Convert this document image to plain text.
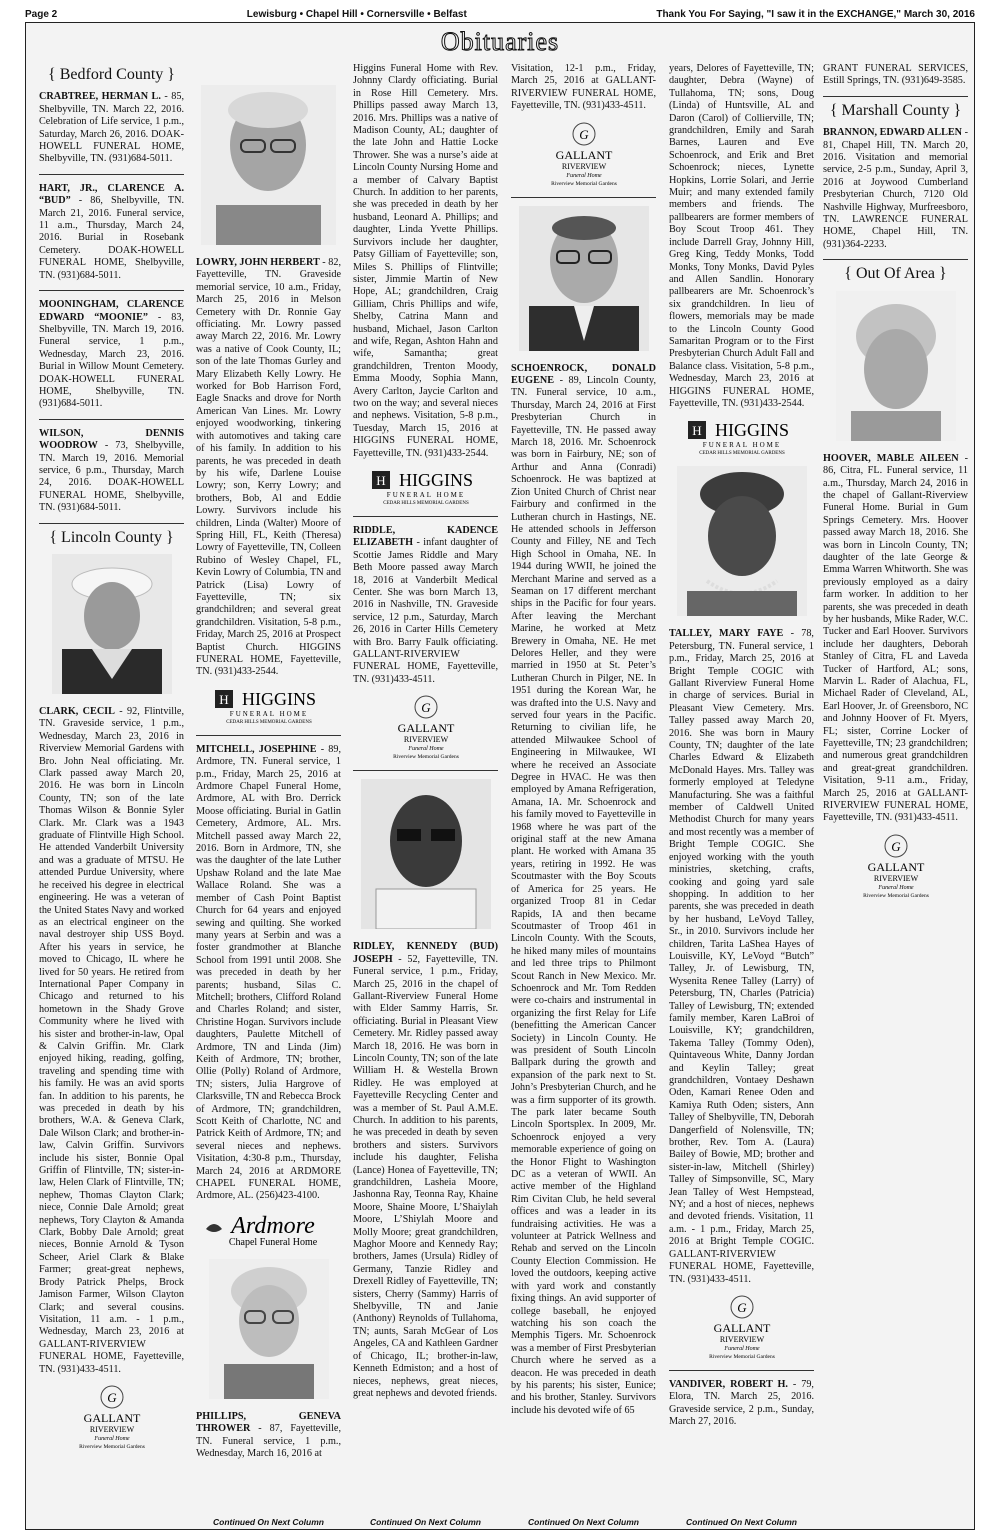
Page 2	Lewisburg • Chapel Hill • Cornersville • Belfast	Thank You For Saying, "I saw it in the EXCHANGE," March 30, 2016
Obituaries
{ Bedford County }

CRABTREE, HERMAN L. - 85, Shelbyville, TN. March 22, 2016. Celebration of Life service, 1 p.m., Saturday, March 26, 2016. DOAK-HOWELL FUNERAL HOME, Shelbyville, TN. (931)684-5011.

HART, JR., CLARENCE A. “BUD” - 86, Shelbyville, TN. March 21, 2016. Funeral service, 11 a.m., Thursday, March 24, 2016. Burial in Rosebank Cemetery. DOAK-HOWELL FUNERAL HOME, Shelbyville, TN. (931)684-5011.

MOONINGHAM, CLARENCE EDWARD “MOONIE” - 83, Shelbyville, TN. March 19, 2016. Funeral service, 1 p.m., Wednesday, March 23, 2016. Burial in Willow Mount Cemetery. DOAK-HOWELL FUNERAL HOME, Shelbyville, TN. (931)684-5011.

WILSON, DENNIS WOODROW - 73, Shelbyville, TN. March 19, 2016. Memorial service, 6 p.m., Thursday, March 24, 2016. DOAK-HOWELL FUNERAL HOME, Shelbyville, TN. (931)684-5011.

{ Lincoln County }

CLARK, CECIL - 92, Flintville, TN. Graveside service, 1 p.m., Wednesday, March 23, 2016 in Riverview Memorial Gardens with Bro. John Neal officiating. Mr. Clark passed away March 20, 2016. He was born in Lincoln County, TN; son of the late Thomas Wilson & Bonnie Syler Clark. Mr. Clark was a 1943 graduate of Flintville High School. He attended Vanderbilt University and was a graduate of MTSU. He attended Purdue University, where he received his degree in electrical engineering. He was a veteran of the United States Navy and worked as an electrical engineer on the naval destroyer ship USS Boyd. After his years in service, he moved to Chicago, IL where he lived for 50 years. He retired from International Paper Company in Chicago and returned to his hometown in the Shady Grove Community where he lived with his sister and brother-in-law, Opal & Calvin Griffin. Mr. Clark enjoyed hiking, reading, golfing, traveling and spending time with his family. He was an avid sports fan. In addition to his parents, he was preceded in death by his brothers, W.A. & Geneva Clark, Dale Wilson Clark; and brother-in-law, Calvin Griffin. Survivors include his sister, Bonnie Opal Griffin of Flintville, TN; sister-in-law, Helen Clark of Flintville, TN; nephew, Thomas Clayton Clark; niece, Connie Dale Arnold; great nephews, Tory Clayton & Amanda Clark, Bobby Dale Arnold; great nieces, Bonnie Arnold & Tyson Scheer, Ariel Clark & Blake Farmer; great-great nephews, Brody Patrick Phelps, Brock Jamison Farmer, Wilson Clayton Clark; and several cousins. Visitation, 11 a.m. - 1 p.m., Wednesday, March 23, 2016 at GALLANT-RIVERVIEW FUNERAL HOME, Fayetteville, TN. (931)433-4511.

G
GALLANT
RIVERVIEW
Funeral Home
Riverview Memorial Gardens

LOWRY, JOHN HERBERT - 82, Fayetteville, TN. Graveside memorial service, 10 a.m., Friday, March 25, 2016 in Melson Cemetery with Dr. Ronnie Gay officiating. Mr. Lowry passed away March 22, 2016. Mr. Lowry was a native of Cook County, IL; son of the late Thomas Gurley and Mary Elizabeth Kelly Lowry. He worked for Bob Harrison Ford, Eagle Snacks and drove for North American Van Lines. Mr. Lowry enjoyed woodworking, tinkering with automotives and taking care of his family. In addition to his parents, he was preceded in death by his wife, Darlene Louise Lowry; son, Kerry Lowry; and brothers, Bob, Al and Eddie Lowry. Survivors include his children, Linda (Walter) Moore of Spring Hill, FL, Keith (Theresa) Lowry of Fayetteville, TN, Colleen Rubino of Wesley Chapel, FL, Kevin Lowry of Columbia, TN and Patrick (Lisa) Lowry of Fayetteville, TN; six grandchildren; and several great grandchildren. Visitation, 5-8 p.m., Friday, March 25, 2016 at Prospect Baptist Church. HIGGINS FUNERAL HOME, Fayetteville, TN. (931)433-2544.

H HIGGINS
FUNERAL HOME
CEDAR HILLS MEMORIAL GARDENS

MITCHELL, JOSEPHINE - 89, Ardmore, TN. Funeral service, 1 p.m., Friday, March 25, 2016 at Ardmore Chapel Funeral Home, Ardmore, AL with Bro. Derrick Moose officiating. Burial in Gatlin Cemetery, Ardmore, AL. Mrs. Mitchell passed away March 22, 2016. Born in Ardmore, TN, she was the daughter of the late Luther Upshaw Roland and the late Mae Wallace Roland. She was a member of Cash Point Baptist Church for 64 years and enjoyed sewing and quilting. She worked many years at Serbin and was a foster grandmother at Blanche School from 1991 until 2008. She was preceded in death by her parents; husband, Silas C. Mitchell; brothers, Clifford Roland and Charles Roland; and sister, Christine Hogan. Survivors include daughters, Paulette Mitchell of Ardmore, TN and Linda (Jim) Keith of Ardmore, TN; brother, Ollie (Polly) Roland of Ardmore, TN; sisters, Julia Hargrove of Clarksville, TN and Rebecca Brock of Ardmore, TN; grandchildren, Scott Keith of Charlotte, NC and Patrick Keith of Ardmore, TN; and several nieces and nephews. Visitation, 4:30-8 p.m., Thursday, March 24, 2016 at ARDMORE CHAPEL FUNERAL HOME, Ardmore, AL. (256)423-4100.

Ardmore
Chapel Funeral Home

PHILLIPS, GENEVA THROWER - 87, Fayetteville, TN. Funeral service, 1 p.m., Wednesday, March 16, 2016 at

Higgins Funeral Home with Rev. Johnny Clardy officiating. Burial in Rose Hill Cemetery. Mrs. Phillips passed away March 13, 2016. Mrs. Phillips was a native of Madison County, AL; daughter of the late John and Hattie Locke Thrower. She was a nurse’s aide at Lincoln County Nursing Home and a member of Calvary Baptist Church. In addition to her parents, she was preceded in death by her husband, Leonard A. Phillips; and daughter, Linda Yvette Phillips. Survivors include her daughter, Patsy Gilliam of Fayetteville; son, Miles S. Phillips of Flintville; sister, Jimmie Martin of New Hope, AL; grandchildren, Craig Gilliam, Chris Phillips and wife, Shelby, Catrina Mann and husband, Michael, Jason Carlton and wife, Regan, Ashton Hahn and wife, Samantha; great grandchildren, Trenton Moody, Emma Moody, Sophia Mann, Avery Carlton, Jaycie Carlton and two on the way; and several nieces and nephews. Visitation, 5-8 p.m., Tuesday, March 15, 2016 at HIGGINS FUNERAL HOME, Fayetteville, TN. (931)433-2544.

H HIGGINS
FUNERAL HOME
CEDAR HILLS MEMORIAL GARDENS

RIDDLE, KADENCE ELIZABETH - infant daughter of Scottie James Riddle and Mary Beth Moore passed away March 18, 2016 at Vanderbilt Medical Center. She was born March 13, 2016 in Nashville, TN. Graveside service, 12 p.m., Saturday, March 26, 2016 in Carter Hills Cemetery with Bro. Barry Faulk officiating. GALLANT-RIVERVIEW FUNERAL HOME, Fayetteville, TN. (931)433-4511.

G
GALLANT
RIVERVIEW
Funeral Home
Riverview Memorial Gardens

RIDLEY, KENNEDY (BUD) JOSEPH - 52, Fayetteville, TN. Funeral service, 1 p.m., Friday, March 25, 2016 in the chapel of Gallant-Riverview Funeral Home with Elder Sammy Harris, Sr. officiating. Burial in Pleasant View Cemetery. Mr. Ridley passed away March 18, 2016. He was born in Lincoln County, TN; son of the late William H. & Westella Brown Ridley. He was employed at Fayetteville Recycling Center and was a member of St. Paul A.M.E. Church. In addition to his parents, he was preceded in death by seven brothers and sisters. Survivors include his daughter, Felisha (Lance) Honea of Fayetteville, TN; grandchildren, Lasheia Moore, Jashonna Ray, Teonna Ray, Khaine Moore, Shaine Moore, L’Shaiylah Moore, L’Shiylah Moore and Molly Moore; great grandchildren, Maghor Moore and Kennedy Ray; brothers, James (Ursula) Ridley of Germany, Tanzie Ridley and Drexell Ridley of Fayetteville, TN; sisters, Cherry (Sammy) Harris of Shelbyville, TN and Janie (Anthony) Reynolds of Tullahoma, TN; aunts, Sarah McGear of Los Angeles, CA and Kathleen Gardner of Chicago, IL; brother-in-law, Kenneth Edmiston; and a host of nieces, nephews, great nieces, great nephews and devoted friends.

Visitation, 12-1 p.m., Friday, March 25, 2016 at GALLANT-RIVERVIEW FUNERAL HOME, Fayetteville, TN. (931)433-4511.

G
GALLANT
RIVERVIEW
Funeral Home
Riverview Memorial Gardens

SCHOENROCK, DONALD EUGENE - 89, Lincoln County, TN. Funeral service, 10 a.m., Thursday, March 24, 2016 at First Presbyterian Church in Fayetteville, TN. He passed away March 18, 2016. Mr. Schoenrock was born in Fairbury, NE; son of Arthur and Anna (Conradi) Schoenrock. He was baptized at Zion United Church of Christ near Fairbury and confirmed in the Lutheran church in Hastings, NE. He attended schools in Jefferson County and Filley, NE and Tech High School in Omaha, NE. In 1944 during WWII, he joined the Merchant Marine and served as a Seaman on 17 different merchant ships in the Pacific for four years. After leaving the Merchant Marine, he worked at Metz Brewery in Omaha, NE. He met Delores Heller, and they were married in 1950 at St. Peter’s Lutheran Church in Pilger, NE. In 1951 during the Korean War, he was drafted into the U.S. Navy and served four years in the Pacific. Returning to civilian life, he attended Milwaukee School of Engineering in Milwaukee, WI where he received an Associate Degree in HVAC. He was then employed by Amana Refrigeration, Amana, IA. Mr. Schoenrock and his family moved to Fayetteville in 1968 where he was part of the original staff at the new Amana plant. He worked with Amana 35 years, retiring in 1992. He was Scoutmaster with the Boy Scouts of America for 25 years. He organized Troop 81 in Cedar Rapids, IA and then became Scoutmaster of Troop 461 in Lincoln County. With the Scouts, he hiked many miles of mountains and led three trips to Philmont Scout Ranch in New Mexico. Mr. Schoenrock and Mr. Tom Redden were co-chairs and instrumental in organizing the first Relay for Life (benefitting the American Cancer Society) in Lincoln County. He was president of South Lincoln Ballpark during the growth and expansion of the park next to St. John’s Presbyterian Church, and he was a firm supporter of its growth. The park later became South Lincoln Sportsplex. In 2009, Mr. Schoenrock enjoyed a very memorable experience of going on the Honor Flight to Washington DC as a veteran of WWII. An active member of the Highland Rim Civitan Club, he held several offices and was a leader in its fundraising activities. He was a volunteer at Patrick Wellness and Rehab and served on the Lincoln County Election Commission. He loved the outdoors, keeping active with yard work and constantly fixing things. An avid supporter of college baseball, he enjoyed watching his son coach the Memphis Tigers. Mr. Schoenrock was a member of First Presbyterian Church where he served as a deacon. He was preceded in death by his parents; his sister, Eunice; and his brother, Stanley. Survivors include his devoted wife of 65

years, Delores of Fayetteville, TN; daughter, Debra (Wayne) of Tullahoma, TN; sons, Doug (Linda) of Huntsville, AL and Daron (Carol) of Collierville, TN; grandchildren, Emily and Sarah Barnes, Lauren and Eve Schoenrock, and Erik and Bret Schoenrock; nieces, Lynette Hopkins, Lorrie Solari, and Jerrie Muir; and many extended family members and friends. The pallbearers are former members of Boy Scout Troop 461. They include Darrell Gray, Johnny Hill, Greg King, Teddy Monks, Todd Monks, Tony Monks, David Pyles and Allen Sandlin. Honorary pallbearers are Mr. Schoenrock’s six grandchildren. In lieu of flowers, memorials may be made to the Lincoln County Good Samaritan Program or to the First Presbyterian Church Adult Fall and Balance class. Visitation, 5-8 p.m., Wednesday, March 23, 2016 at HIGGINS FUNERAL HOME, Fayetteville, TN. (931)433-2544.

H HIGGINS
FUNERAL HOME
CEDAR HILLS MEMORIAL GARDENS

TALLEY, MARY FAYE - 78, Petersburg, TN. Funeral service, 1 p.m., Friday, March 25, 2016 at Bright Temple COGIC with Gallant Riverview Funeral Home in charge of services. Burial in Pleasant View Cemetery. Mrs. Talley passed away March 20, 2016. She was born in Maury County, TN; daughter of the late Charles Edward & Elizabeth McDonald Hayes. Mrs. Talley was formerly employed at Teledyne Manufacturing. She was a faithful member of Caldwell United Methodist Church for many years and most recently was a member of Bright Temple COGIC. She enjoyed working with the youth ministries, sketching, crafts, cooking and going yard sale shopping. In addition to her parents, she was preceded in death by her husband, LeVoyd Talley, Sr., in 2010. Survivors include her children, Tarita LaShea Hayes of Louisville, KY, LeVoyd “Butch” Talley, Jr. of Lewisburg, TN, Wysenita Renee Talley (Larry) of Petersburg, TN, Charles (Patricia) Talley of Lewisburg, TN; extended family member, Karen LaBroi of Louisville, KY; grandchildren, Takema Talley (Tommy Oden), Quintaveous White, Danny Jordan and Keylin Talley; great grandchildren, Vontaey Deshawn Oden, Kamari Renee Oden and Kamiya Ruth Oden; sisters, Ann Talley of Shelbyville, TN, Deborah Dangerfield of Nolensville, TN; brother, Rev. Tom A. (Laura) Bailey of Bowie, MD; brother and sister-in-law, Mitchell (Shirley) Talley of Simpsonville, SC, Mary Jean Talley of West Hempstead, NY; and a host of nieces, nephews and devoted friends. Visitation, 11 a.m. - 1 p.m., Friday, March 25, 2016 at Bright Temple COGIC. GALLANT-RIVERVIEW FUNERAL HOME, Fayetteville, TN. (931)433-4511.

G
GALLANT
RIVERVIEW
Funeral Home
Riverview Memorial Gardens

VANDIVER, ROBERT H. - 79, Elora, TN. March 25, 2016. Graveside service, 2 p.m., Sunday, March 27, 2016.

GRANT FUNERAL SERVICES, Estill Springs, TN. (931)649-3585.

{ Marshall County }

BRANNON, EDWARD ALLEN - 81, Chapel Hill, TN. March 20, 2016. Visitation and memorial service, 2-5 p.m., Sunday, April 3, 2016 at Joywood Cumberland Presbyterian Church, 7120 Old Nashville Highway, Murfreesboro, TN. LAWRENCE FUNERAL HOME, Chapel Hill, TN. (931)364-2233.

{ Out Of Area }

HOOVER, MABLE AILEEN - 86, Citra, FL. Funeral service, 11 a.m., Thursday, March 24, 2016 in the chapel of Gallant-Riverview Funeral Home. Burial in Gum Springs Cemetery. Mrs. Hoover passed away March 18, 2016. She was born in Lincoln County, TN; daughter of the late George & Emma Warren Whitworth. She was previously employed as a dairy farm worker. In addition to her parents, she was preceded in death by her husbands, Mike Rader, W.C. Tucker and Earl Hoover. Survivors include her daughters, Deborah Stanley of Citra, FL and Laveda Tucker of Hartford, AL; sons, Marvin L. Rader of Alachua, FL, Michael Rader of Cleveland, AL, Earl Hoover, Jr. of Greensboro, NC and Johnny Hoover of Ft. Myers, FL; sister, Corrine Locker of Fayetteville, TN; 23 grandchildren; and numerous great grandchildren and great-great grandchildren. Visitation, 9-11 a.m., Friday, March 25, 2016 at GALLANT-RIVERVIEW FUNERAL HOME, Fayetteville, TN. (931)433-4511.

G
GALLANT
RIVERVIEW
Funeral Home
Riverview Memorial Gardens
Continued On Next Column	Continued On Next Column	Continued On Next Column	Continued On Next Column
